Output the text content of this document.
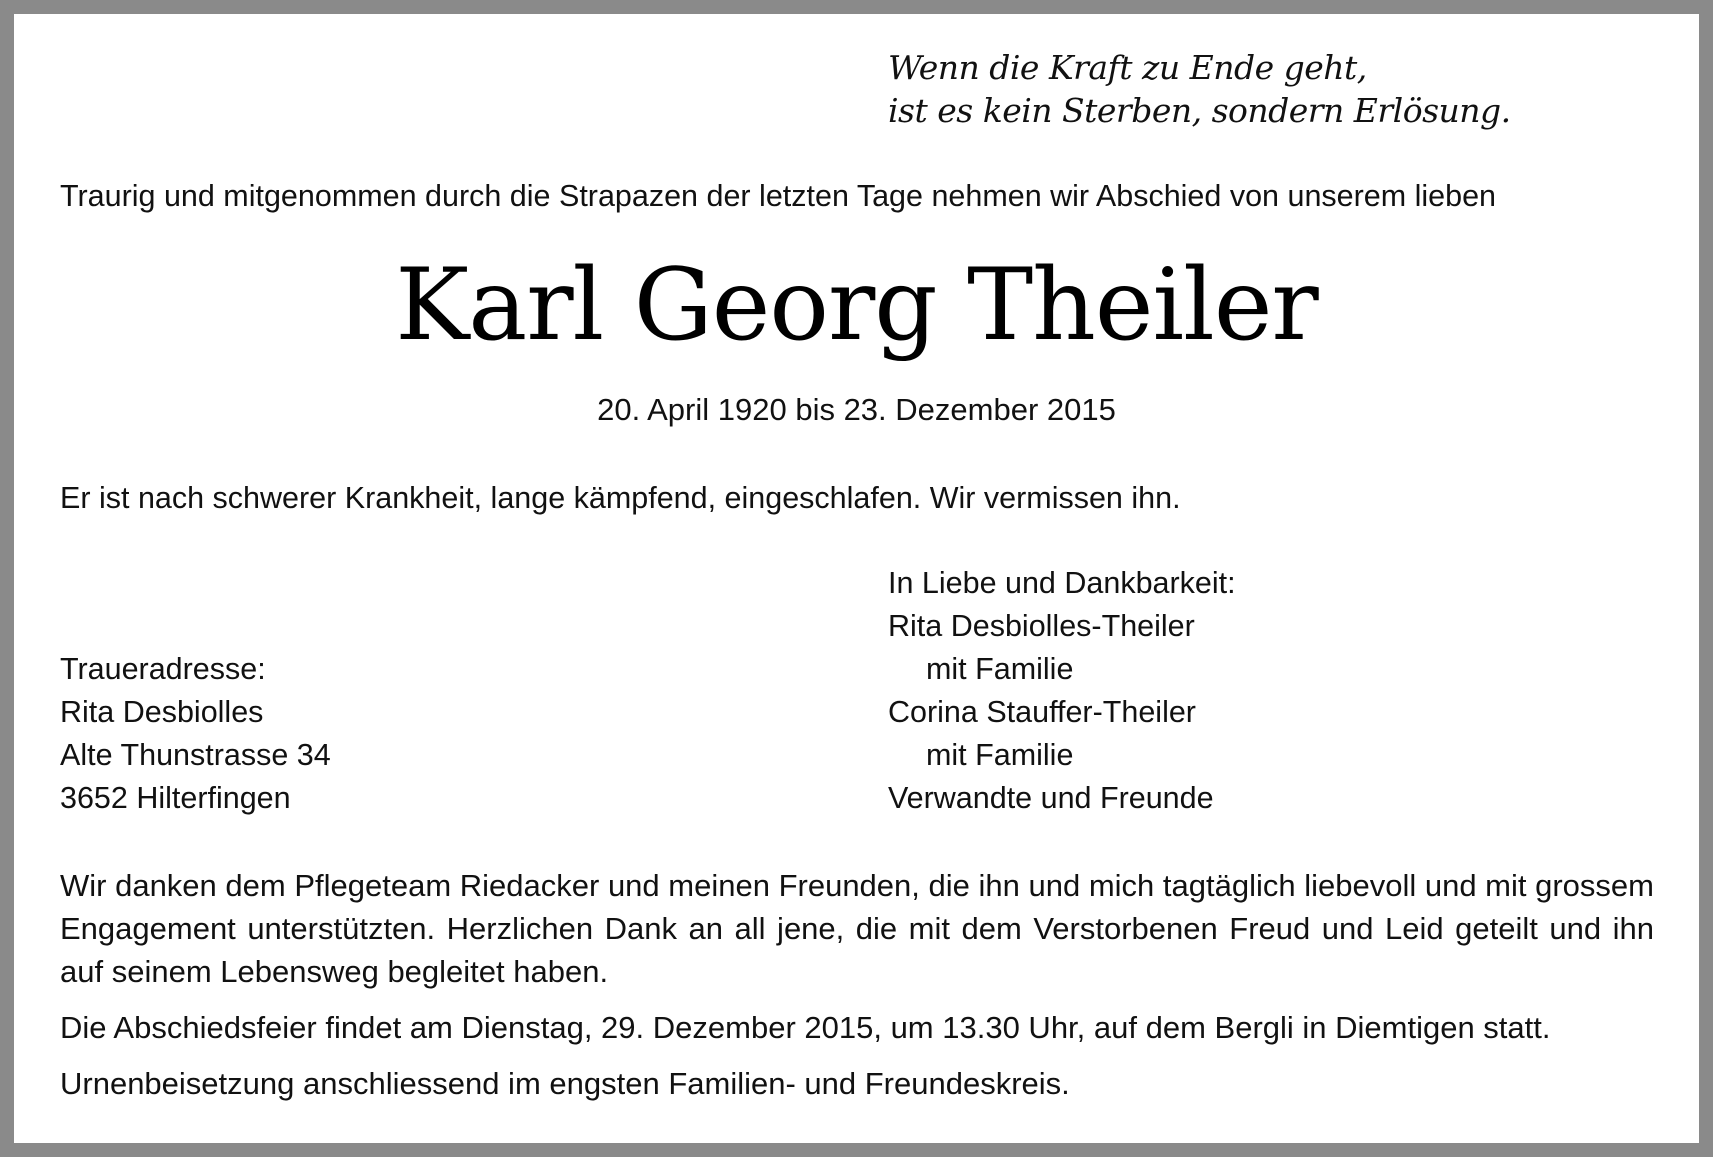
Wenn die Kraft zu Ende geht,
ist es kein Sterben, sondern Erlösung.
Traurig und mitgenommen durch die Strapazen der letzten Tage nehmen wir Abschied von unserem lieben
Karl Georg Theiler
20. April 1920 bis 23. Dezember 2015
Er ist nach schwerer Krankheit, lange kämpfend, eingeschlafen. Wir vermissen ihn.
Traueradresse:
Rita Desbiolles
Alte Thunstrasse 34
3652 Hilterfingen
In Liebe und Dankbarkeit:
Rita Desbiolles-Theiler
mit Familie
Corina Stauffer-Theiler
mit Familie
Verwandte und Freunde
Wir danken dem Pflegeteam Riedacker und meinen Freunden, die ihn und mich tagtäglich liebevoll und mit grossem Engagement unterstützten. Herzlichen Dank an all jene, die mit dem Verstorbenen Freud und Leid geteilt und ihn auf seinem Lebensweg begleitet haben.
Die Abschiedsfeier findet am Dienstag, 29. Dezember 2015, um 13.30 Uhr, auf dem Bergli in Diemtigen statt.
Urnenbeisetzung anschliessend im engsten Familien- und Freundeskreis.
